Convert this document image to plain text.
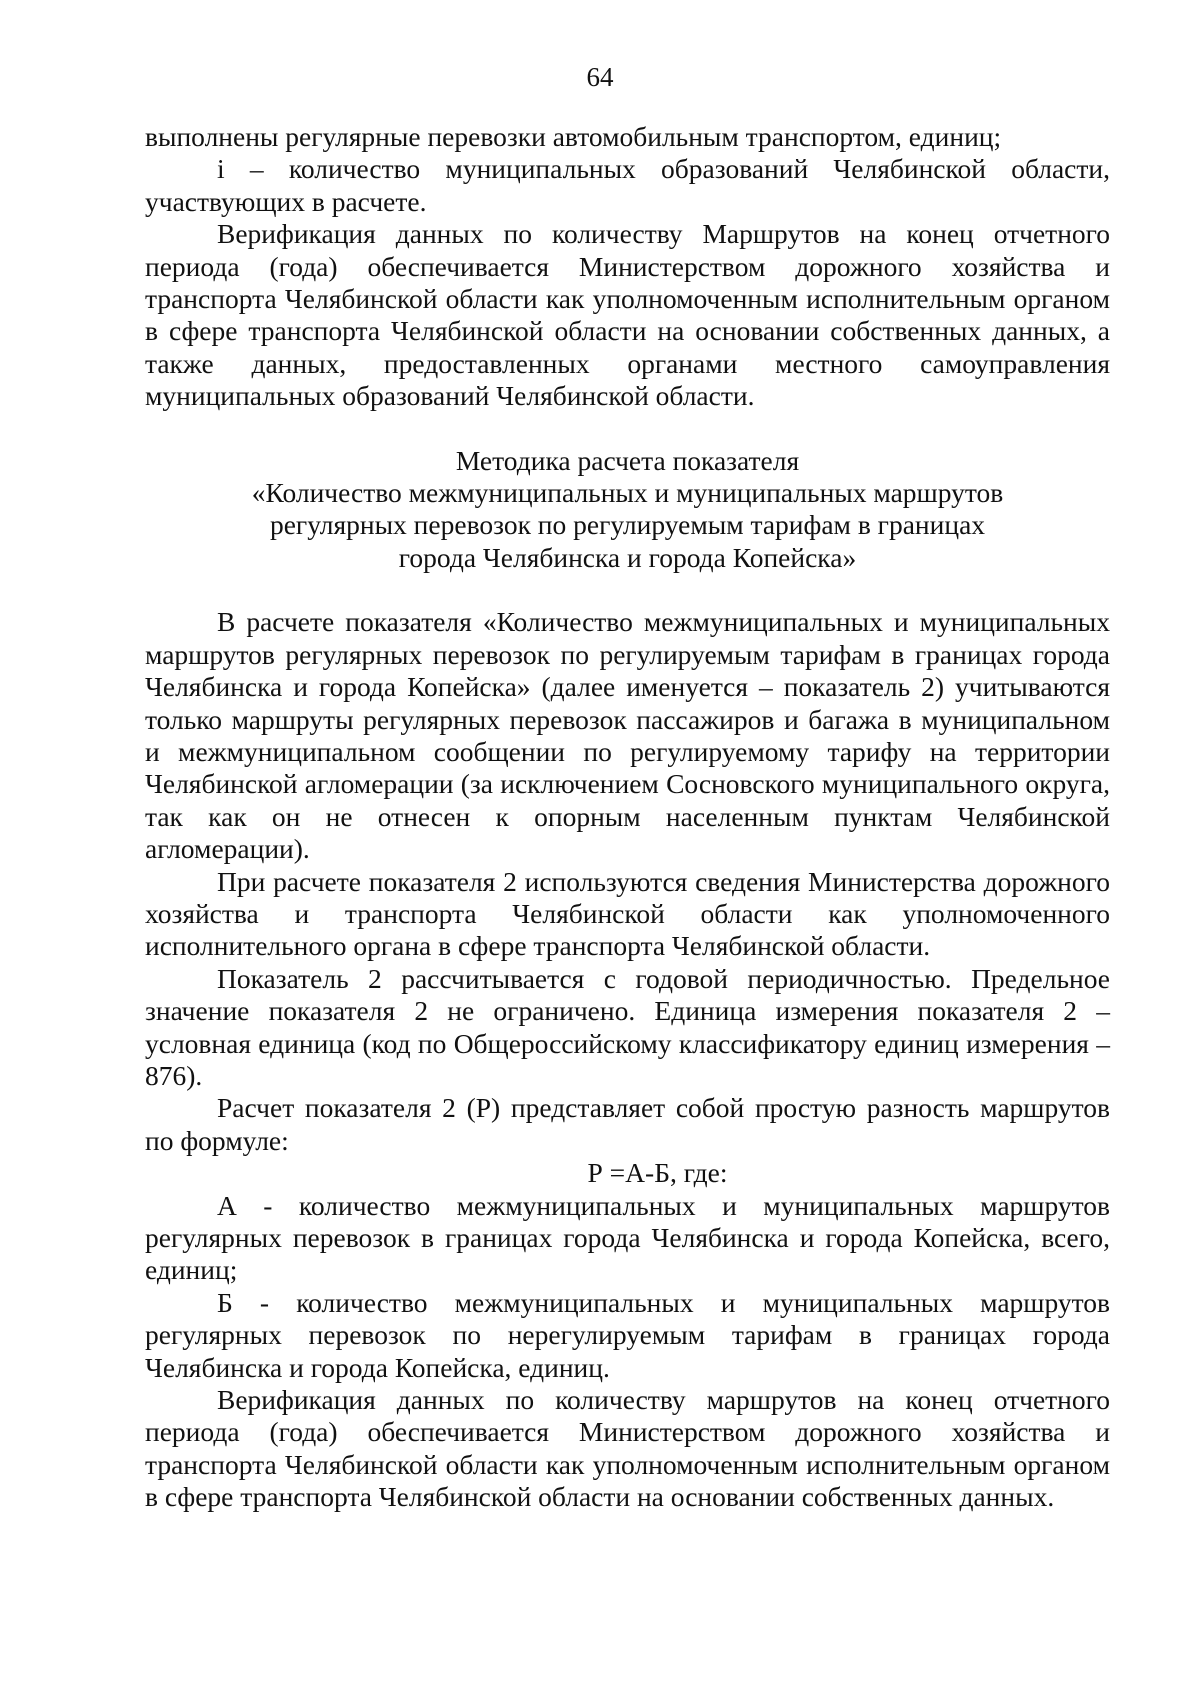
64

выполнены регулярные перевозки автомобильным транспортом, единиц;

i – количество муниципальных образований Челябинской области, участвующих в расчете.

Верификация данных по количеству Маршрутов на конец отчетного периода (года) обеспечивается Министерством дорожного хозяйства и транспорта Челябинской области как уполномоченным исполнительным органом в сфере транспорта Челябинской области на основании собственных данных, а также данных, предоставленных органами местного самоуправления муниципальных образований Челябинской области.

Методика расчета показателя
«Количество межмуниципальных и муниципальных маршрутов
регулярных перевозок по регулируемым тарифам в границах
города Челябинска и города Копейска»

В расчете показателя «Количество межмуниципальных и муниципальных маршрутов регулярных перевозок по регулируемым тарифам в границах города Челябинска и города Копейска» (далее именуется – показатель 2) учитываются только маршруты регулярных перевозок пассажиров и багажа в муниципальном и межмуниципальном сообщении по регулируемому тарифу на территории Челябинской агломерации (за исключением Сосновского муниципального округа, так как он не отнесен к опорным населенным пунктам Челябинской агломерации).

При расчете показателя 2 используются сведения Министерства дорожного хозяйства и транспорта Челябинской области как уполномоченного исполнительного органа в сфере транспорта Челябинской области.

Показатель 2 рассчитывается с годовой периодичностью. Предельное значение показателя 2 не ограничено. Единица измерения показателя 2 – условная единица (код по Общероссийскому классификатору единиц измерения – 876).

Расчет показателя 2 (Р) представляет собой простую разность маршрутов по формуле:

Р =А-Б, где:

А - количество межмуниципальных и муниципальных маршрутов регулярных перевозок в границах города Челябинска и города Копейска, всего, единиц;

Б - количество межмуниципальных и муниципальных маршрутов регулярных перевозок по нерегулируемым тарифам в границах города Челябинска и города Копейска, единиц.

Верификация данных по количеству маршрутов на конец отчетного периода (года) обеспечивается Министерством дорожного хозяйства и транспорта Челябинской области как уполномоченным исполнительным органом в сфере транспорта Челябинской области на основании собственных данных.
